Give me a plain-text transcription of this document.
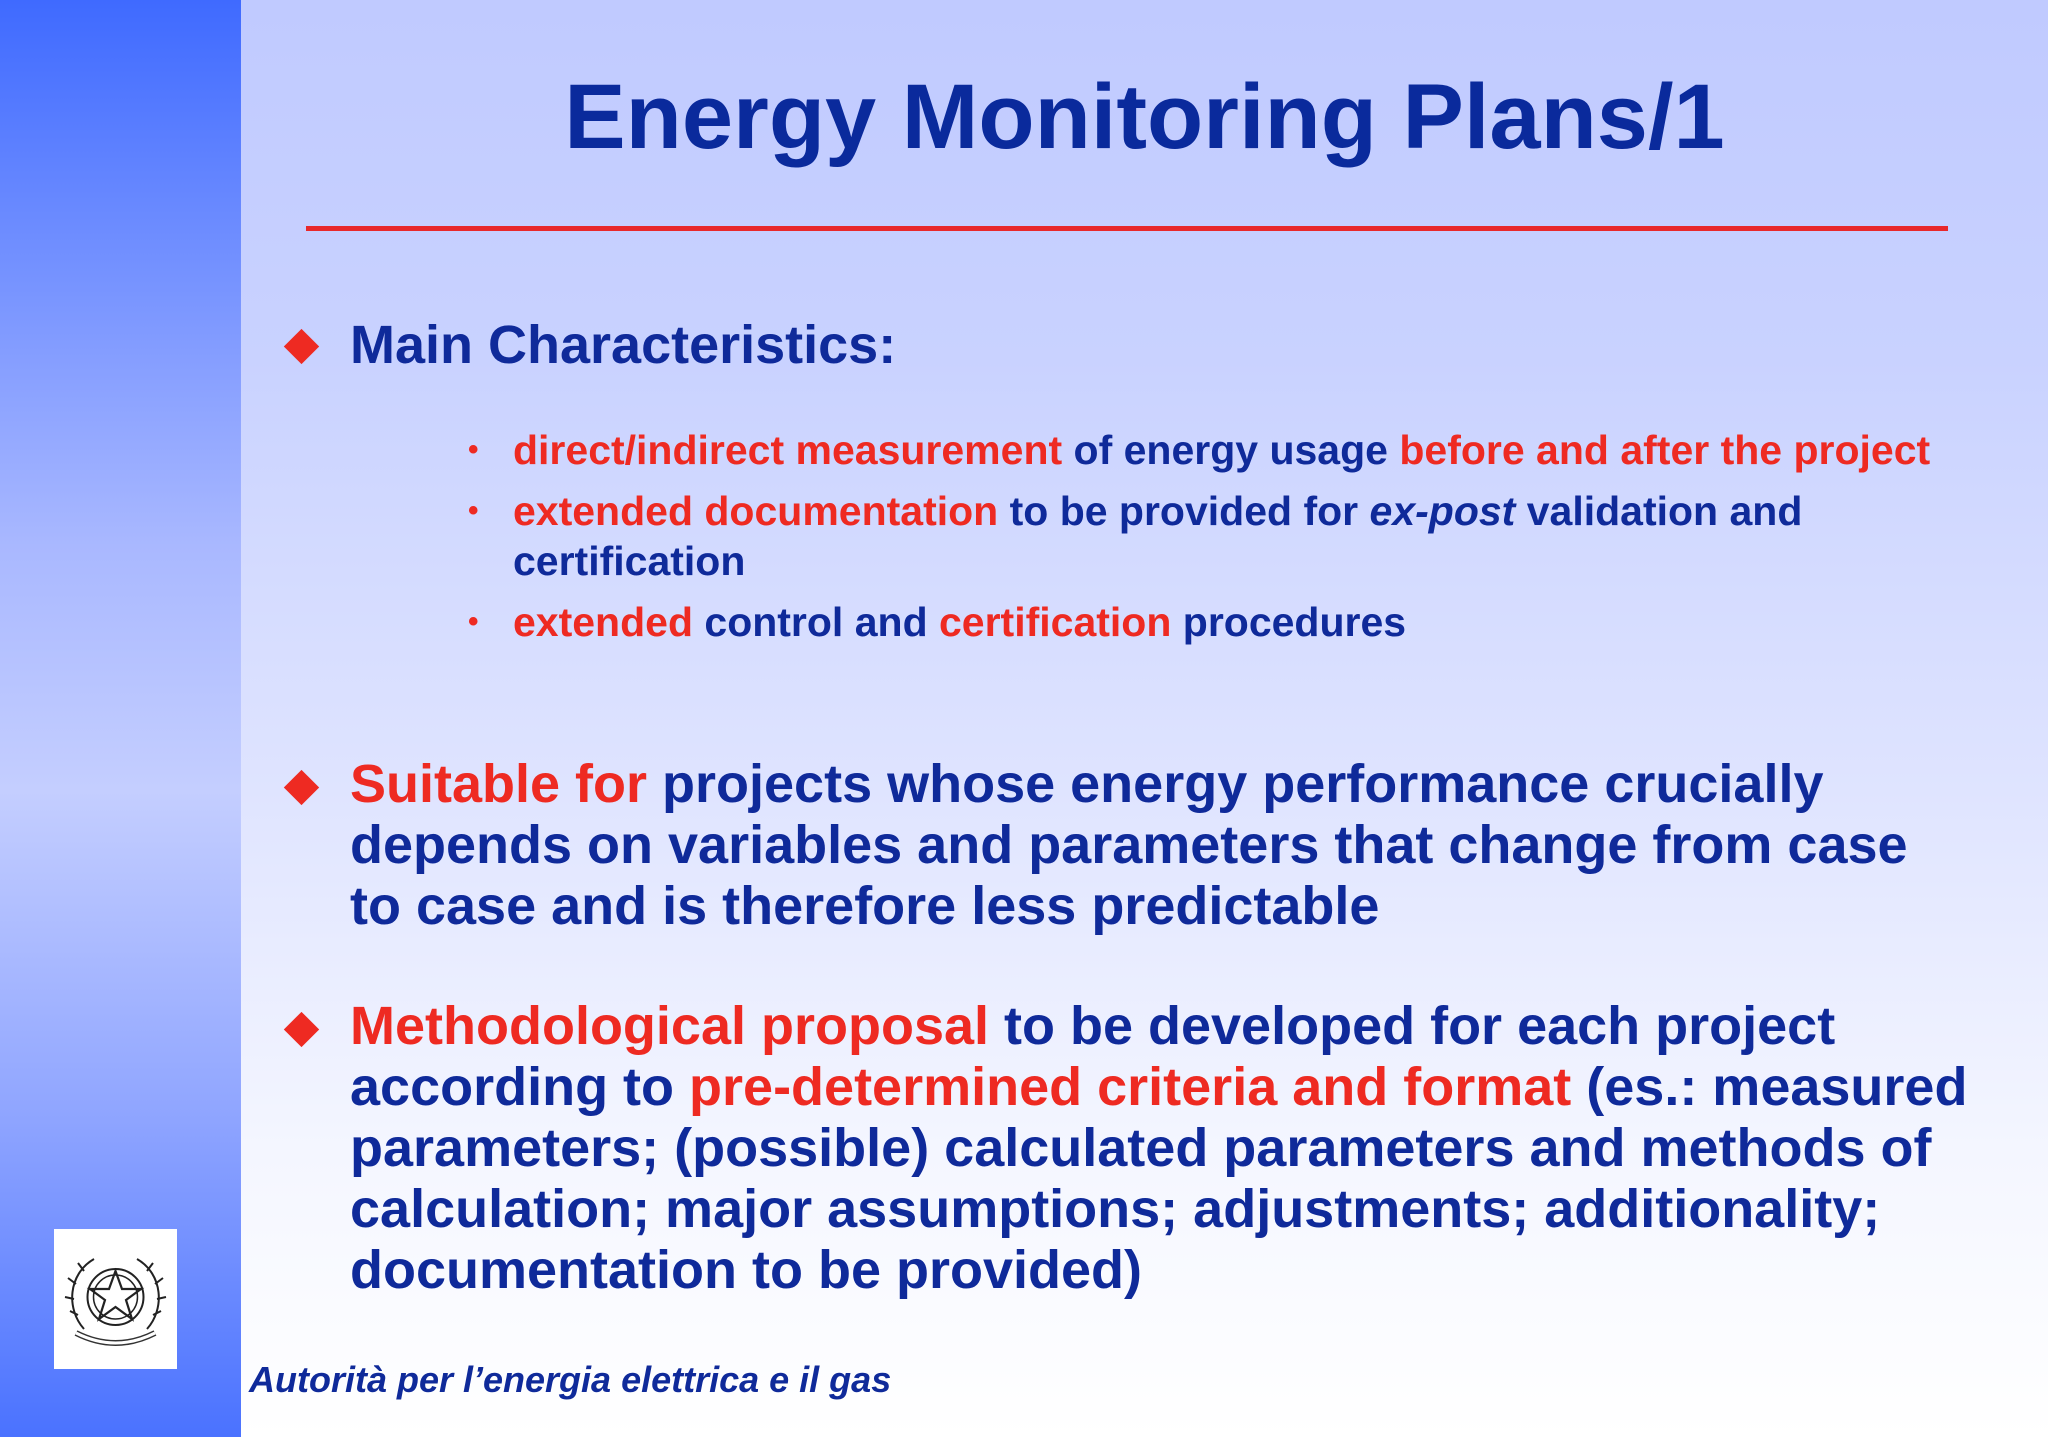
Energy Monitoring Plans/1

Main Characteristics:

• direct/indirect measurement of energy usage before and after the project
• extended documentation to be provided for ex-post validation and certification
• extended control and certification procedures

Suitable for projects whose energy performance crucially depends on variables and parameters that change from case to case and is therefore less predictable

Methodological proposal to be developed for each project according to pre-determined criteria and format (es.: measured parameters; (possible) calculated parameters and methods of calculation; major assumptions; adjustments; additionality; documentation to be provided)

Autorità per l’energia elettrica e il gas
